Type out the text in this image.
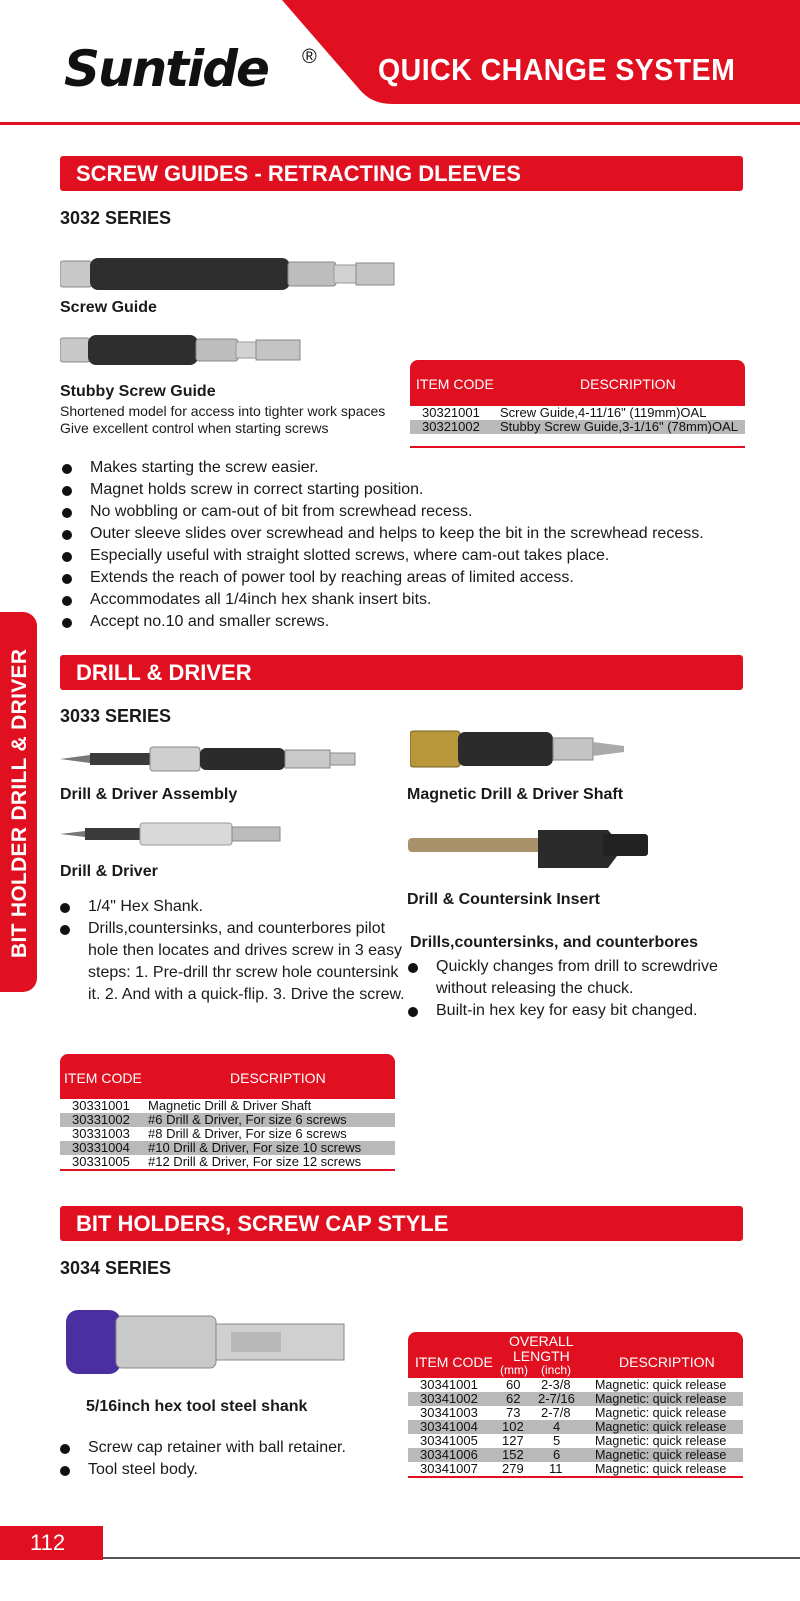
Suntide ® QUICK CHANGE SYSTEM
BIT HOLDER DRILL & DRIVER
SCREW GUIDES - RETRACTING DLEEVES
3032 SERIES
Screw Guide
Stubby Screw Guide
Shortened model for access into tighter work spaces
Give excellent control when starting screws
ITEM CODE	DESCRIPTION
30321001 Screw Guide,4-11/16" (119mm)OAL
30321002 Stubby Screw Guide,3-1/16" (78mm)OAL
Makes starting the screw easier.
Magnet holds screw in correct starting position.
No wobbling or cam-out of bit from screwhead recess.
Outer sleeve slides over screwhead and helps to keep the bit in the screwhead recess.
Especially useful with straight slotted screws, where cam-out takes place.
Extends the reach of power tool by reaching areas of limited access.
Accommodates all 1/4inch hex shank insert bits.
Accept no.10 and smaller screws.
DRILL & DRIVER
3033 SERIES
Drill & Driver Assembly
Drill & Driver
1/4" Hex Shank.
Drills,countersinks, and counterbores pilot hole then locates and drives screw in 3 easy steps: 1. Pre-drill thr screw hole countersink it. 2. And with a quick-flip. 3. Drive the screw.
Magnetic Drill & Driver Shaft
Drill & Countersink Insert
Drills,countersinks, and counterbores
Quickly changes from drill to screwdrive without releasing the chuck.
Built-in hex key for easy bit changed.
ITEM CODE	DESCRIPTION
30331001 Magnetic Drill & Driver Shaft
30331002 #6 Drill & Driver, For size 6 screws
30331003 #8 Drill & Driver, For size 6 screws
30331004 #10 Drill & Driver, For size 10 screws
30331005 #12 Drill & Driver, For size 12 screws
BIT HOLDERS, SCREW CAP STYLE
3034 SERIES
5/16inch hex tool steel shank
Screw cap retainer with ball retainer.
Tool steel body.
ITEM CODE
OVERALL
LENGTH
(mm) (inch)	DESCRIPTION
30341001 60 2-3/8 Magnetic: quick release
30341002 62 2-7/16 Magnetic: quick release
30341003 73 2-7/8 Magnetic: quick release
30341004 102 4	Magnetic: quick release
30341005 127 5	Magnetic: quick release
30341006 152 6	Magnetic: quick release
30341007 279 11	Magnetic: quick release
112
